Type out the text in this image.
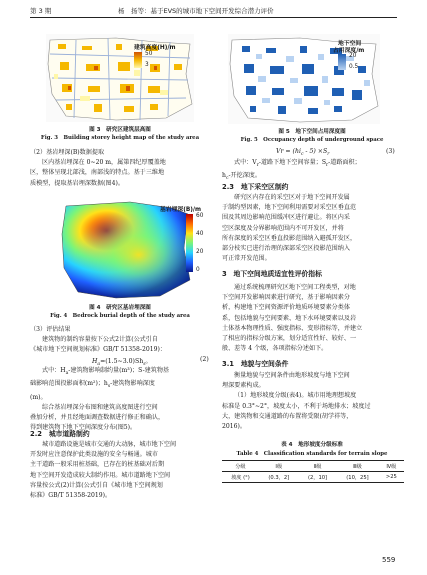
第 3 期	杨　扬等：基于EVS的城市地下空间开发综合潜力评价
建筑高度(H)/m
50
3
图 3　研究区建筑层高图
Fig. 3　Building storey height map of the study area
地下空间
占用深度/m
20
0.5
图 5　地下空间占用深度图
Fig. 5　Occupancy depth of underground space

（2）基岩埋深(B)数据提取

区内基岩埋深在 0~20 m，属第四纪厚覆盖地

区，整体呈现北部浅，南部浅的特点。基于三维地

质模型，提取基岩埋深数据(图4)。

基岩埋深(B)/m
60
40
20
0
图 4　研究区基岩埋深图
Fig. 4　Bedrock burial depth of the study area

（3）评估结果

建筑物的制约容量按下公式2计算(公式引自

《城市地下空间规划标准》GB/T 51358-2019)：

$H_a=(1.5\sim 3.0)Sh_s$。	(2)

式中：$H_a-$建筑物影响制约量(m³)；S-建筑物基

础影响范围投影面积(m²)；$h_s-$建筑物影响深度

(m)。

综合基岩埋深分布图和建筑高度图进行空间

叠加分析，并且经地面调查数据进行修正和确认，

得到建筑物下地下空间深度分布(图5)。

2.2　城市道路制约

城市道路设施是城市交通的大动脉，城市地下空间

开发时应注意保护此类设施的安全与畅通。城市

主干道路一般采用桩基础，已存在的桩基础对后期

地下空间开发造成较大制约作用。城市道路地下空间

容量按公式(2)计算(公式引自《城市地下空间规划

标准》GB/T 51358-2019)。

$Vr = (hi_c - 5) \times S_r$	(3)

式中：$V_r-$道路下地下空间容量；$S_r-$道路面积；

$h_c-$开挖深度。

2.3　地下采空区制约

研究区内存在的采空区对于地下空间开发属

于制约型因素，地下空间利用需要对采空区垂直范

围及其周边影响范围缓冲区进行避让。将区内采

空区深度及分界影响范围内不可开发区，并将

所有深度的采空区垂直投影范围纳入避孤开发区，

部分枝实已进行治理的深部采空区投影范围纳入

可正常开发范围。

3　地下空间地质适宜性评价指标

通过系统梳理研究区地下空间工程类型，对地

下空间开发影响因素进行研究，基于影响因素分

析，构建地下空间资源评价地质环境要素分类体

系，包括地貌与空间要素、地下水环境要素以及岩

土体基本物理性质、强度指标、变形指标等，并建立

了相应的指标分级方案，划分适宜性好、较好、一

般、差等 4 个级，各项指标分述如下。

3.1　地貌与空间条件

衡量地貌与空间条件由地形坡度与地下空间

埋深要素构成。

（1）地形坡度分级(表4)。城市用地理想坡度

标准是 0.3°~2°，坡度太小，不利于场地排水；坡度过

大，建筑物和交通道路的布置将受限(胡学祥等，

2016)。

表 4　地形坡度分级标准
Table 4　Classification standards for terrain slope
分级	Ⅰ级	Ⅱ级	Ⅲ级	Ⅳ级
坡度 (°)	(0.3，2]	(2，10]	(10，25]	>25
559
